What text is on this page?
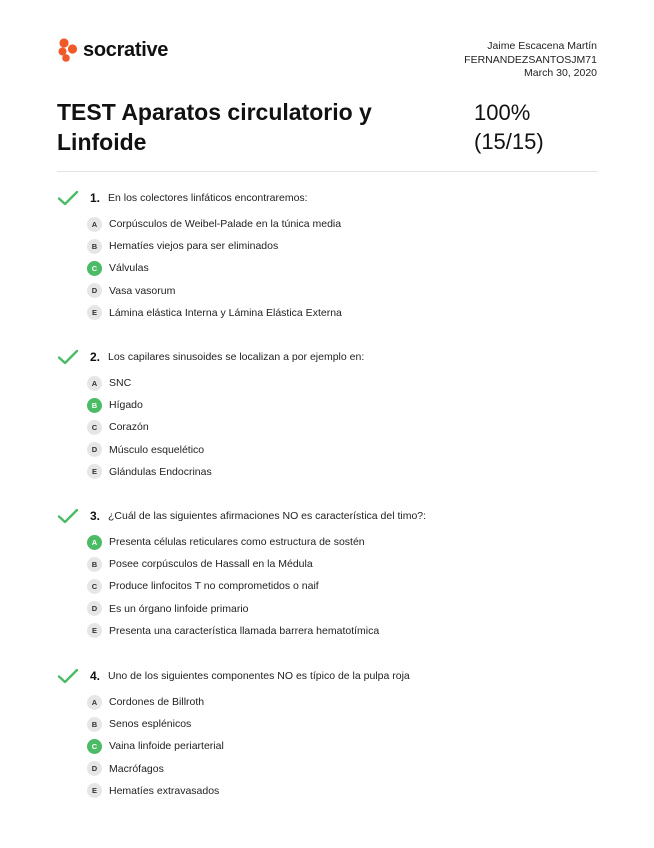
socrative	Jaime Escacena Martín
FERNANDEZSANTOSJM71
March 30, 2020
TEST Aparatos circulatorio y Linfoide
100%
(15/15)
1. En los colectores linfáticos encontraremos:
A	Corpúsculos de Weibel-Palade en la túnica media
B	Hematíes viejos para ser eliminados
C	Válvulas
D	Vasa vasorum
E	Lámina elástica Interna y Lámina Elástica Externa
2. Los capilares sinusoides se localizan a por ejemplo en:
A	SNC
B	Hígado
C	Corazón
D	Músculo esquelético
E	Glándulas Endocrinas
3. ¿Cuál de las siguientes afirmaciones NO es característica del timo?:
A	Presenta células reticulares como estructura de sostén
B	Posee corpúsculos de Hassall en la Médula
C	Produce linfocitos T no comprometidos o naif
D	Es un órgano linfoide primario
E	Presenta una característica llamada barrera hematotímica
4. Uno de los siguientes componentes NO es típico de la pulpa roja
A	Cordones de Billroth
B	Senos esplénicos
C	Vaina linfoide periarterial
D	Macrófagos
E	Hematíes extravasados
